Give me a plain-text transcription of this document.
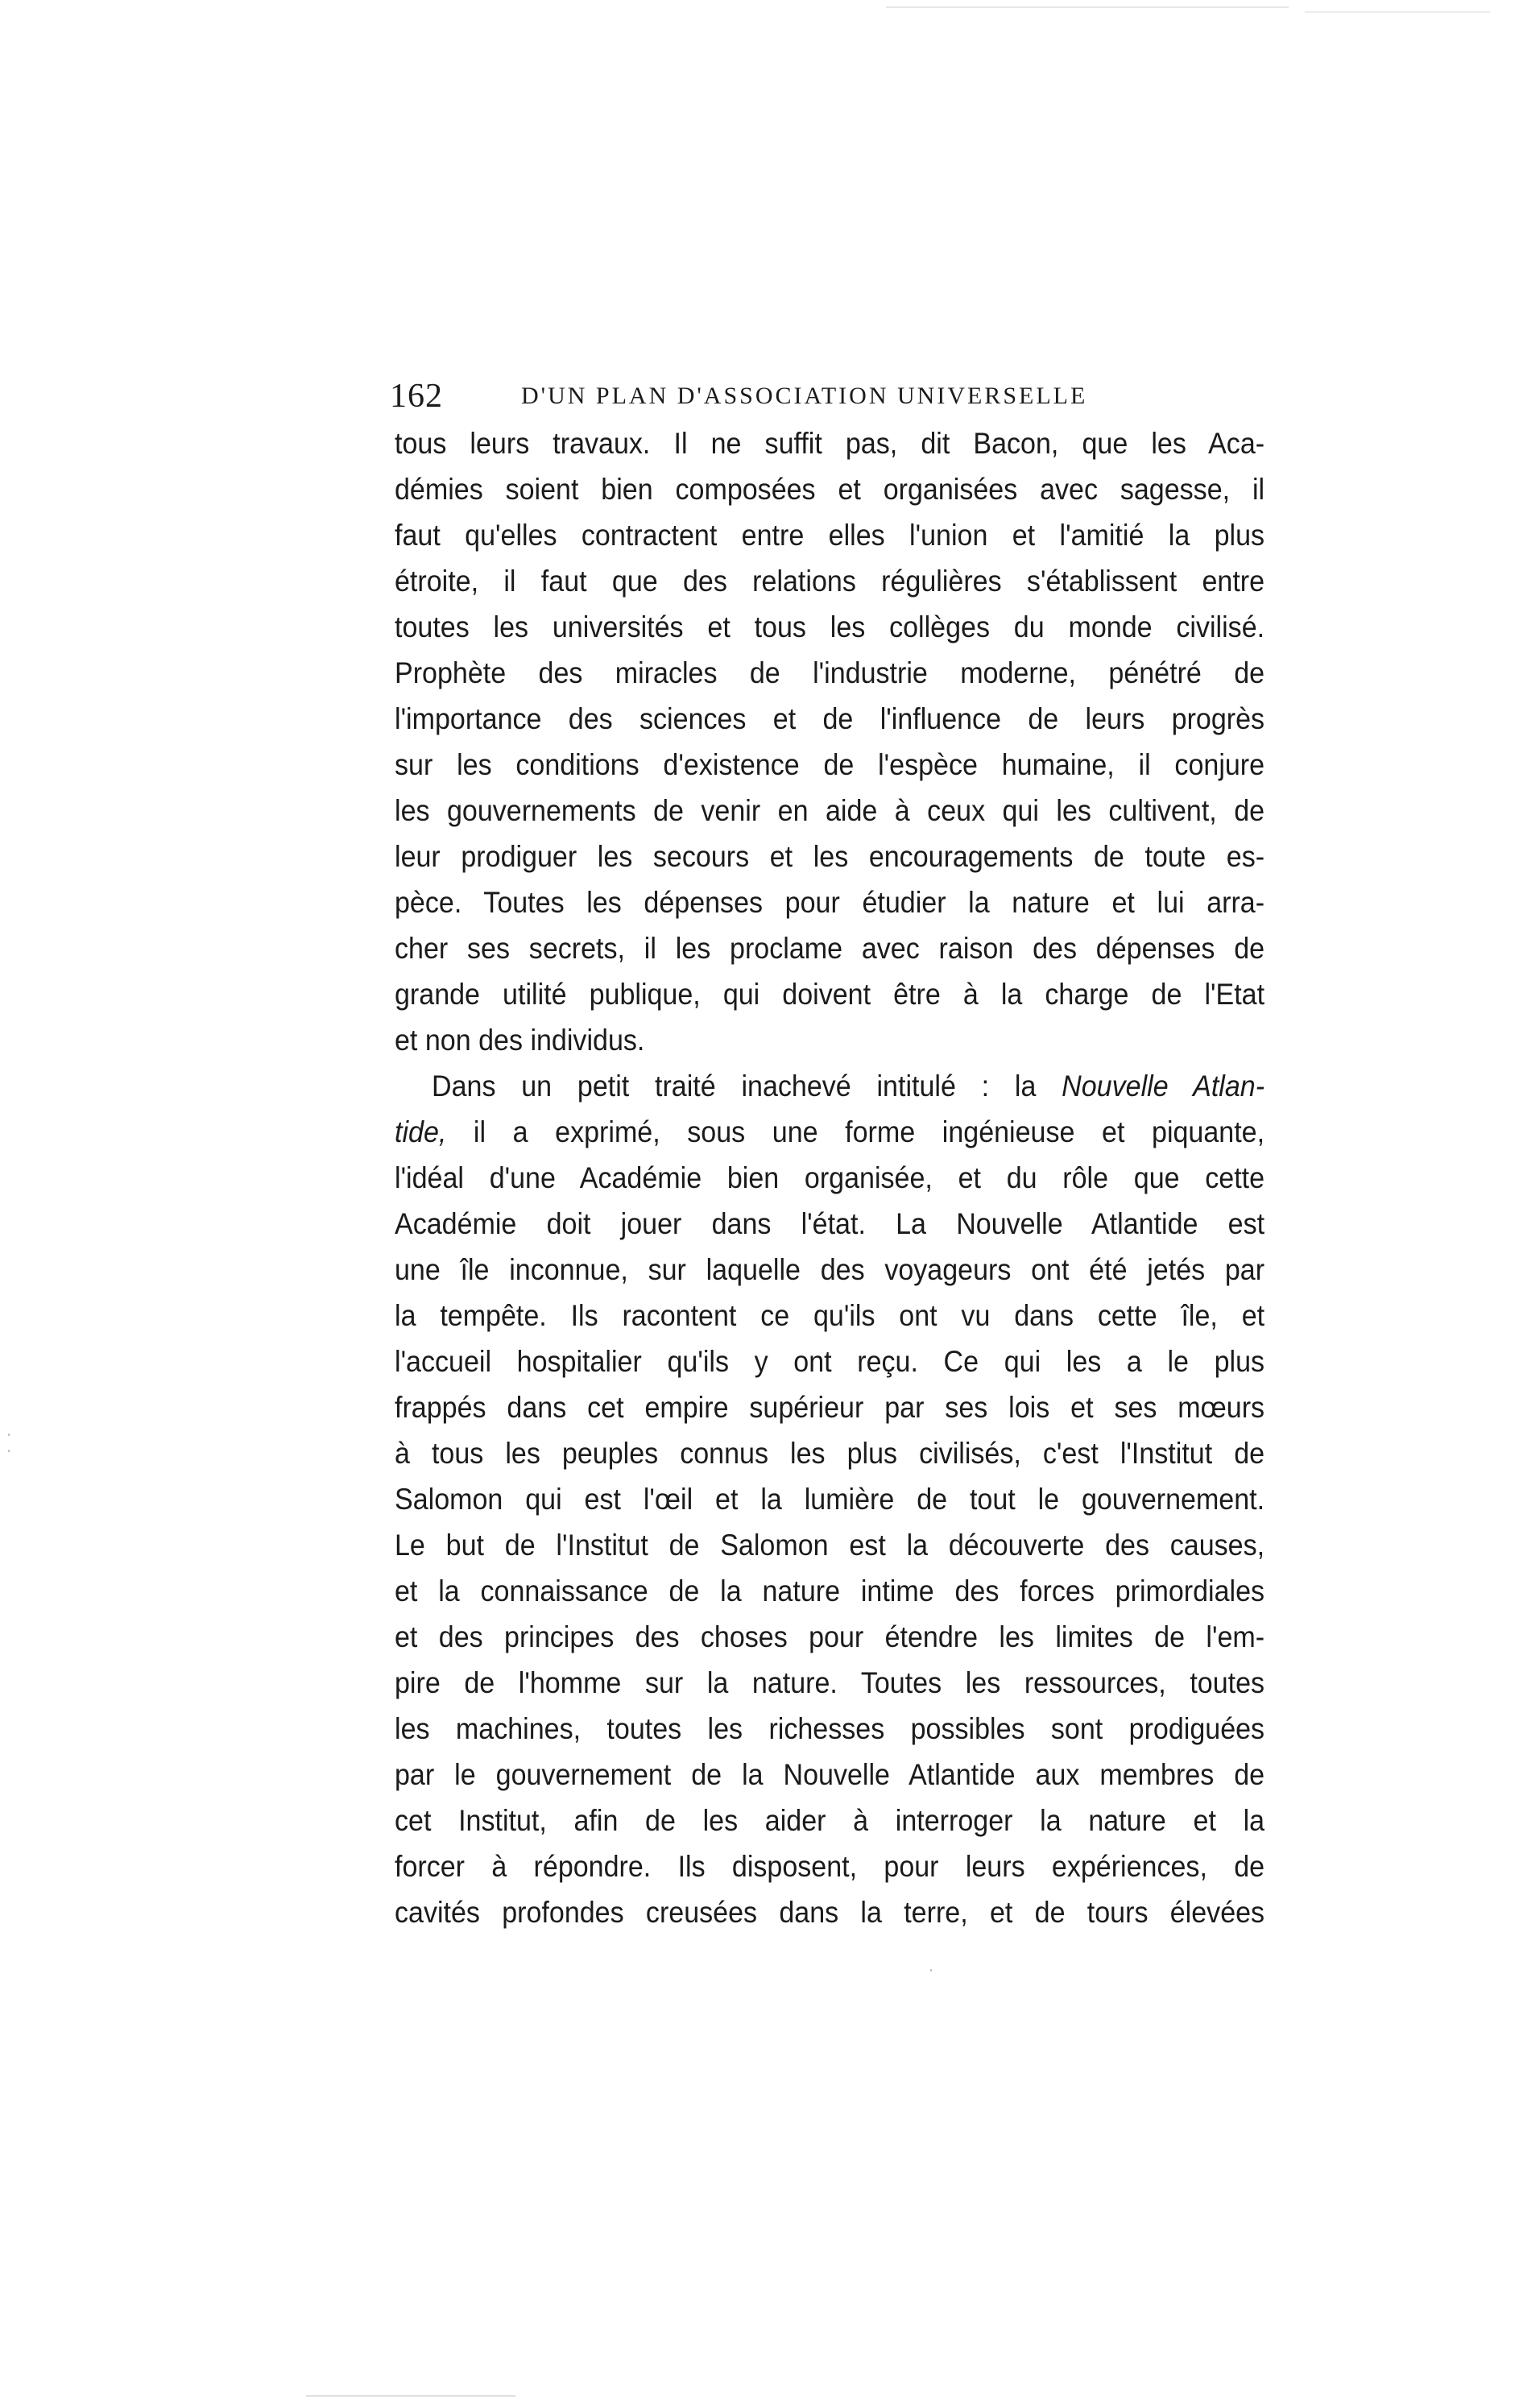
162	D'UN PLAN D'ASSOCIATION UNIVERSELLE
tous leurs travaux. Il ne suffit pas, dit Bacon, que les Aca-
démies soient bien composées et organisées avec sagesse, il
faut qu'elles contractent entre elles l'union et l'amitié la plus
étroite, il faut que des relations régulières s'établissent entre
toutes les universités et tous les collèges du monde civilisé.
Prophète des miracles de l'industrie moderne, pénétré de
l'importance des sciences et de l'influence de leurs progrès
sur les conditions d'existence de l'espèce humaine, il conjure
les gouvernements de venir en aide à ceux qui les cultivent, de
leur prodiguer les secours et les encouragements de toute es-
pèce. Toutes les dépenses pour étudier la nature et lui arra-
cher ses secrets, il les proclame avec raison des dépenses de
grande utilité publique, qui doivent être à la charge de l'Etat
et non des individus.
Dans un petit traité inachevé intitulé : la Nouvelle Atlan-
tide, il a exprimé, sous une forme ingénieuse et piquante,
l'idéal d'une Académie bien organisée, et du rôle que cette
Académie doit jouer dans l'état. La Nouvelle Atlantide est
une île inconnue, sur laquelle des voyageurs ont été jetés par
la tempête. Ils racontent ce qu'ils ont vu dans cette île, et
l'accueil hospitalier qu'ils y ont reçu. Ce qui les a le plus
frappés dans cet empire supérieur par ses lois et ses mœurs
à tous les peuples connus les plus civilisés, c'est l'Institut de
Salomon qui est l'œil et la lumière de tout le gouvernement.
Le but de l'Institut de Salomon est la découverte des causes,
et la connaissance de la nature intime des forces primordiales
et des principes des choses pour étendre les limites de l'em-
pire de l'homme sur la nature. Toutes les ressources, toutes
les machines, toutes les richesses possibles sont prodiguées
par le gouvernement de la Nouvelle Atlantide aux membres de
cet Institut, afin de les aider à interroger la nature et la
forcer à répondre. Ils disposent, pour leurs expériences, de
cavités profondes creusées dans la terre, et de tours élevées
